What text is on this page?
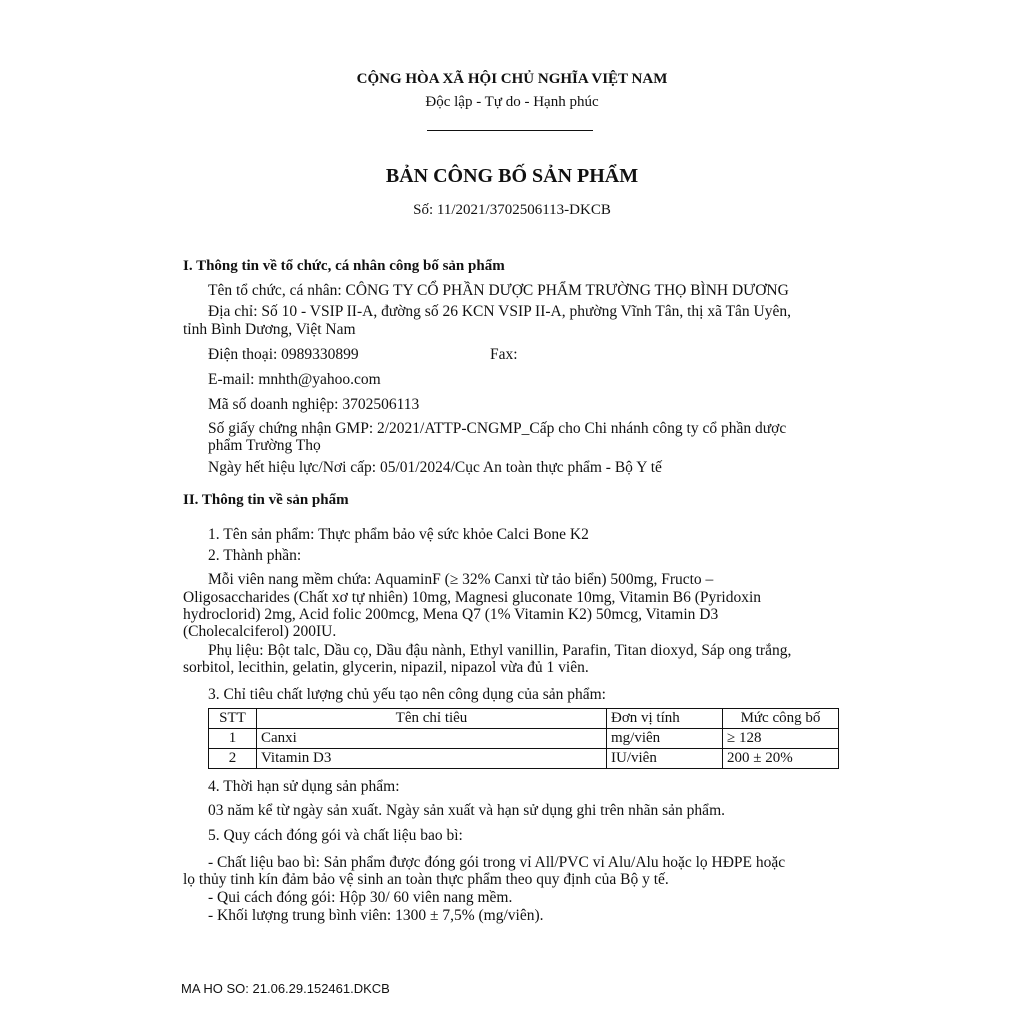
CỘNG HÒA XÃ HỘI CHỦ NGHĨA VIỆT NAM
Độc lập - Tự do - Hạnh phúc
BẢN CÔNG BỐ SẢN PHẨM
Số: 11/2021/3702506113-DKCB
I. Thông tin về tổ chức, cá nhân công bố sản phẩm
Tên tổ chức, cá nhân: CÔNG TY CỔ PHẦN DƯỢC PHẨM TRƯỜNG THỌ BÌNH DƯƠNG
Địa chỉ: Số 10 - VSIP II-A, đường số 26 KCN VSIP II-A, phường Vĩnh Tân, thị xã Tân Uyên,
tỉnh Bình Dương, Việt Nam
Điện thoại: 0989330899	Fax:
E-mail: mnhth@yahoo.com
Mã số doanh nghiệp: 3702506113
Số giấy chứng nhận GMP: 2/2021/ATTP-CNGMP_Cấp cho Chi nhánh công ty cổ phần dược
phẩm Trường Thọ
Ngày hết hiệu lực/Nơi cấp: 05/01/2024/Cục An toàn thực phẩm - Bộ Y tế
II. Thông tin về sản phẩm
1. Tên sản phẩm: Thực phẩm bảo vệ sức khỏe Calci Bone K2
2. Thành phần:
Mỗi viên nang mềm chứa: AquaminF (≥ 32% Canxi từ tảo biển) 500mg, Fructo –
Oligosaccharides (Chất xơ tự nhiên) 10mg, Magnesi gluconate 10mg, Vitamin B6 (Pyridoxin
hydroclorid) 2mg, Acid folic 200mcg, Mena Q7 (1% Vitamin K2) 50mcg, Vitamin D3
(Cholecalciferol) 200IU.
Phụ liệu: Bột talc, Dầu cọ, Dầu đậu nành, Ethyl vanillin, Parafin, Titan dioxyd, Sáp ong trắng,
sorbitol, lecithin, gelatin, glycerin, nipazil, nipazol vừa đủ 1 viên.
3. Chỉ tiêu chất lượng chủ yếu tạo nên công dụng của sản phẩm:
STT	Tên chỉ tiêu	Đơn vị tính	Mức công bố
1	Canxi	mg/viên	≥ 128
2	Vitamin D3	IU/viên	200 ± 20%
4. Thời hạn sử dụng sản phẩm:
03 năm kể từ ngày sản xuất. Ngày sản xuất và hạn sử dụng ghi trên nhãn sản phẩm.
5. Quy cách đóng gói và chất liệu bao bì:
- Chất liệu bao bì: Sản phẩm được đóng gói trong vỉ All/PVC vỉ Alu/Alu hoặc lọ HĐPE hoặc
lọ thủy tinh kín đảm bảo vệ sinh an toàn thực phẩm theo quy định của Bộ y tế.
- Qui cách đóng gói: Hộp 30/ 60 viên nang mềm.
- Khối lượng trung bình viên: 1300 ± 7,5% (mg/viên).
MA HO SO: 21.06.29.152461.DKCB
